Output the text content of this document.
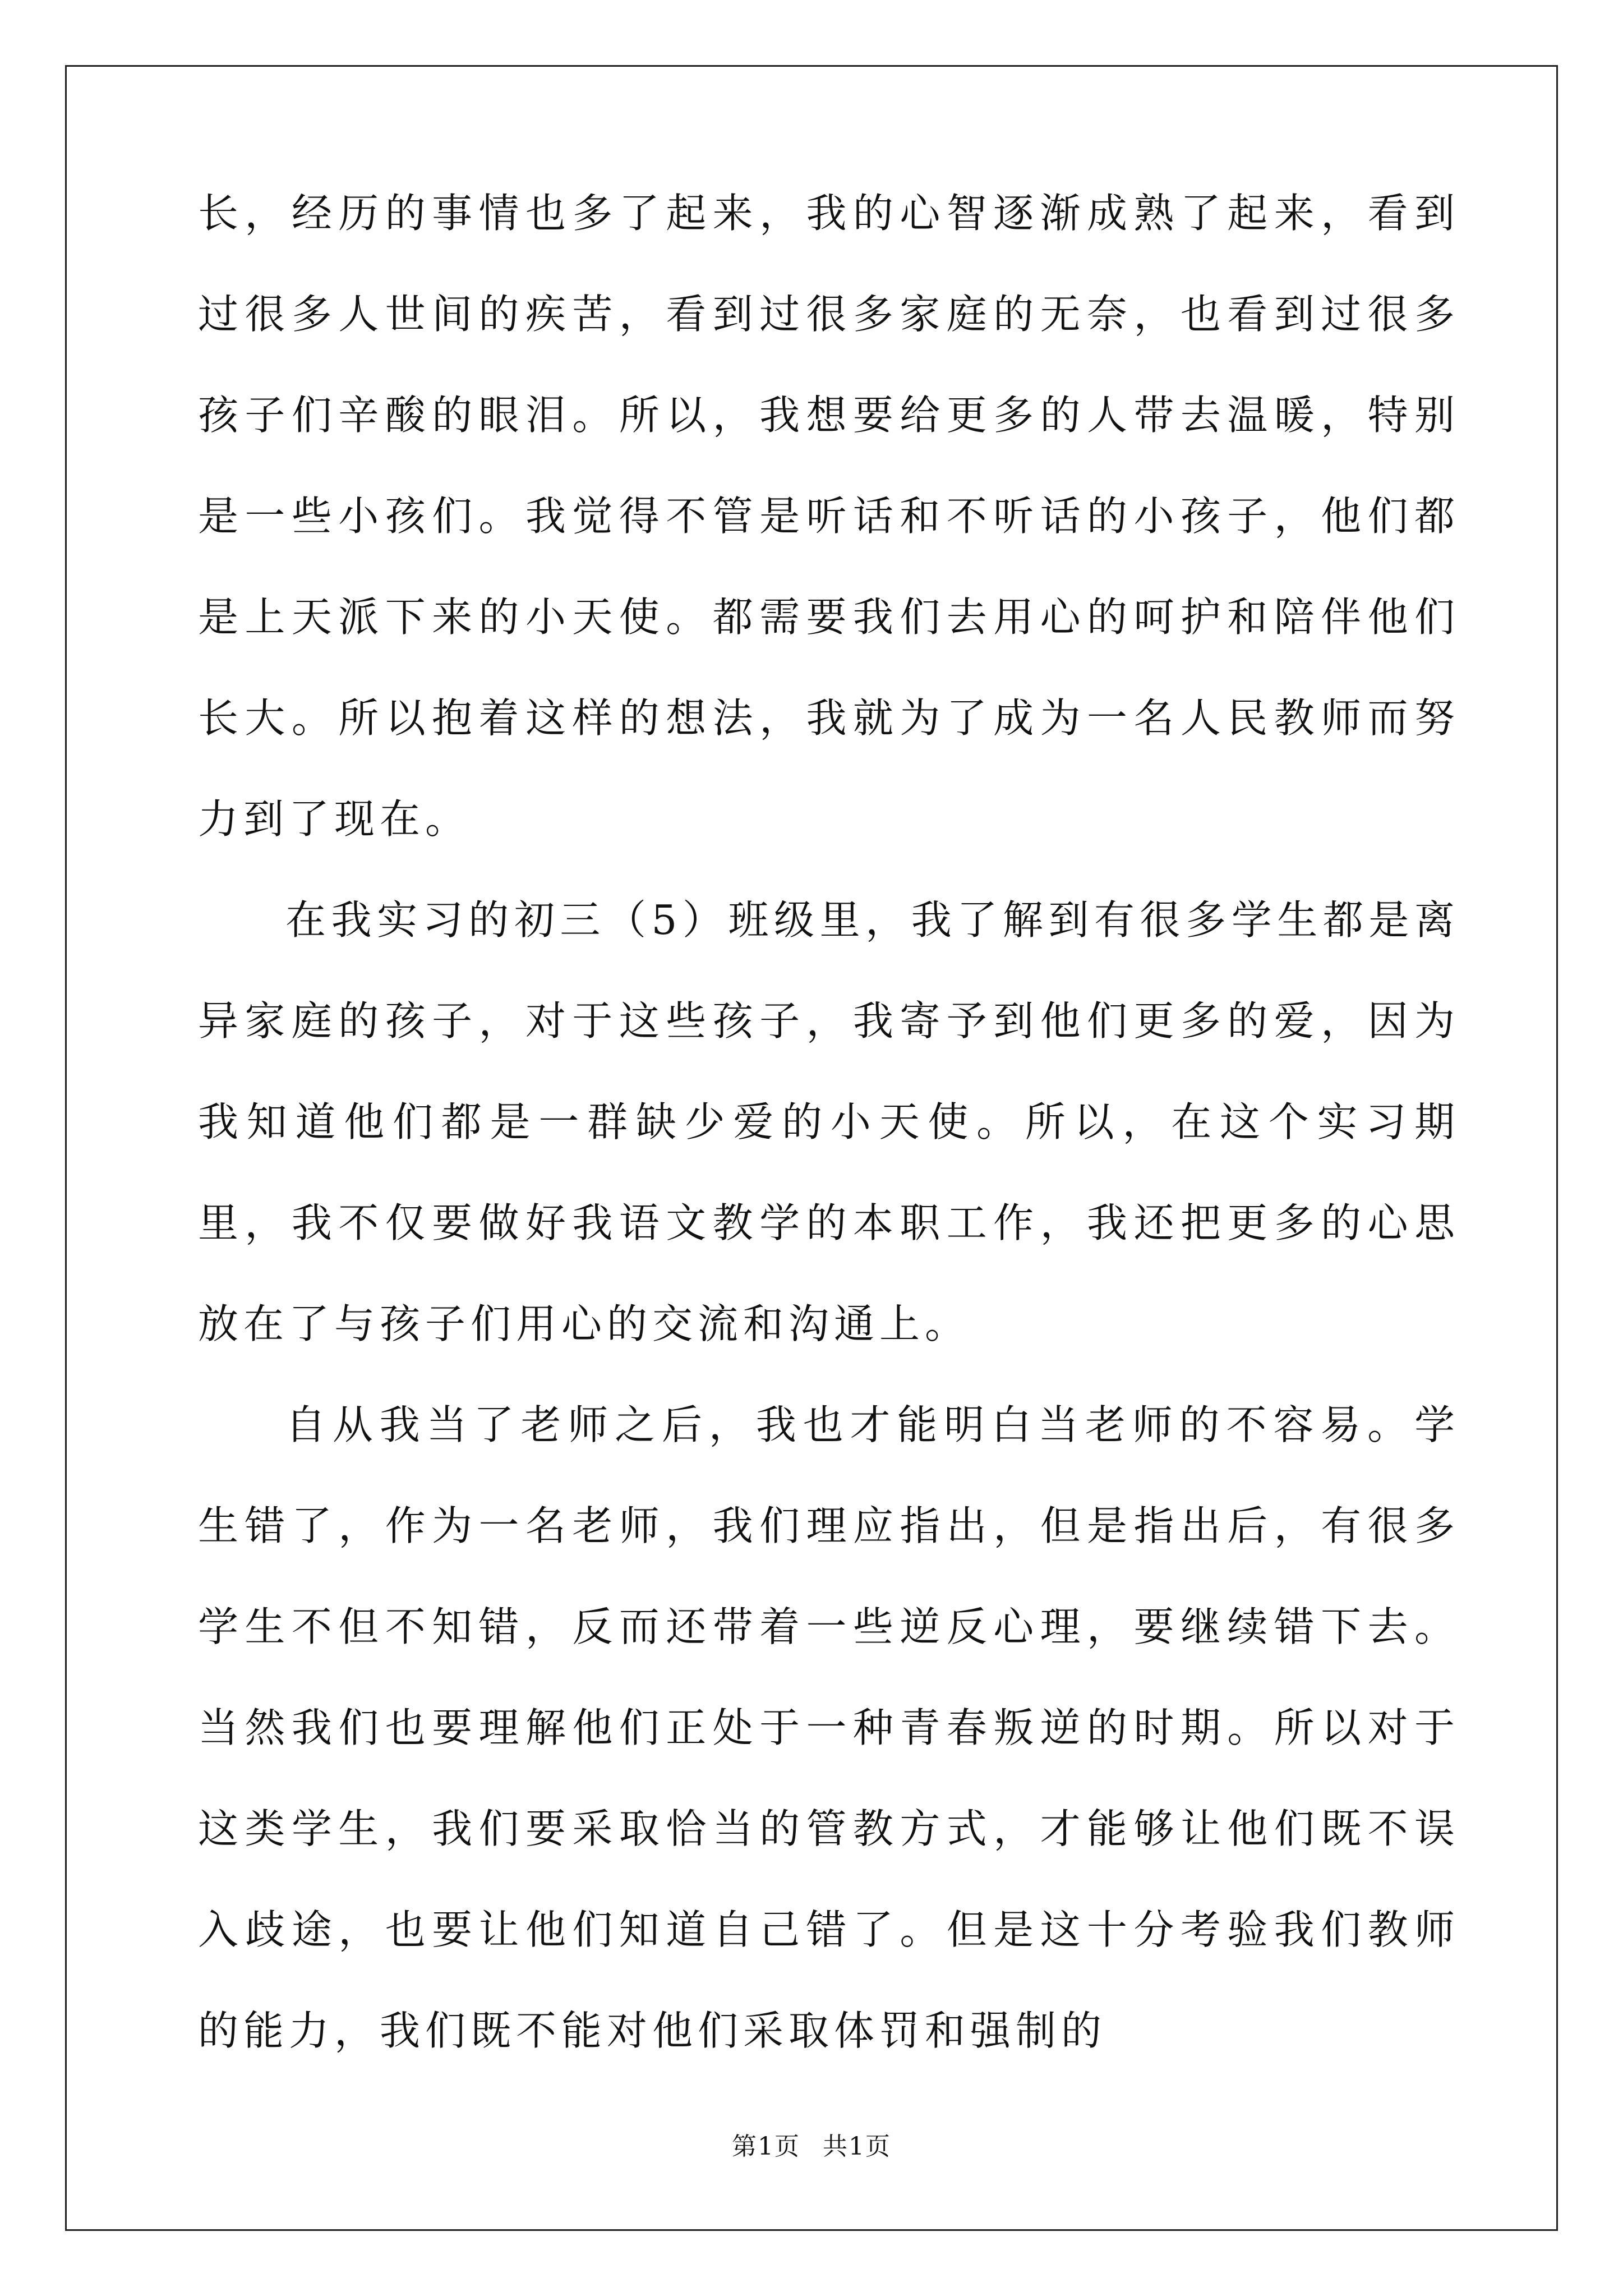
长，经历的事情也多了起来，我的心智逐渐成熟了起来，看到过很多人世间的疾苦，看到过很多家庭的无奈，也看到过很多孩子们辛酸的眼泪。所以，我想要给更多的人带去温暖，特别是一些小孩们。我觉得不管是听话和不听话的小孩子，他们都是上天派下来的小天使。都需要我们去用心的呵护和陪伴他们长大。所以抱着这样的想法，我就为了成为一名人民教师而努力到了现在。

在我实习的初三（5）班级里，我了解到有很多学生都是离异家庭的孩子，对于这些孩子，我寄予到他们更多的爱，因为我知道他们都是一群缺少爱的小天使。所以，在这个实习期里，我不仅要做好我语文教学的本职工作，我还把更多的心思放在了与孩子们用心的交流和沟通上。

自从我当了老师之后，我也才能明白当老师的不容易。学生错了，作为一名老师，我们理应指出，但是指出后，有很多学生不但不知错，反而还带着一些逆反心理，要继续错下去。当然我们也要理解他们正处于一种青春叛逆的时期。所以对于这类学生，我们要采取恰当的管教方式，才能够让他们既不误入歧途，也要让他们知道自己错了。但是这十分考验我们教师的能力，我们既不能对他们采取体罚和强制的

第1页 共1页
